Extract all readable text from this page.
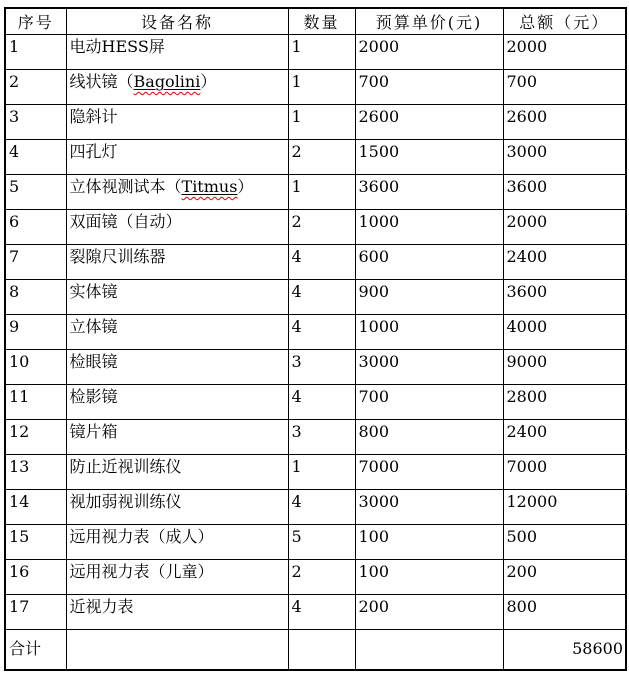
序号	设备名称	数量	预算单价(元)	总额（元）
1	电动HESS屏	1	2000	2000
2	线状镜（Bagolini）	1	700	700
3	隐斜计	1	2600	2600
4	四孔灯	2	1500	3000
5	立体视测试本（Titmus）	1	3600	3600
6	双面镜（自动）	2	1000	2000
7	裂隙尺训练器	4	600	2400
8	实体镜	4	900	3600
9	立体镜	4	1000	4000
10	检眼镜	3	3000	9000
11	检影镜	4	700	2800
12	镜片箱	3	800	2400
13	防止近视训练仪	1	7000	7000
14	视加弱视训练仪	4	3000	12000
15	远用视力表（成人）	5	100	500
16	远用视力表（儿童）	2	100	200
17	近视力表	4	200	800
合计				58600
